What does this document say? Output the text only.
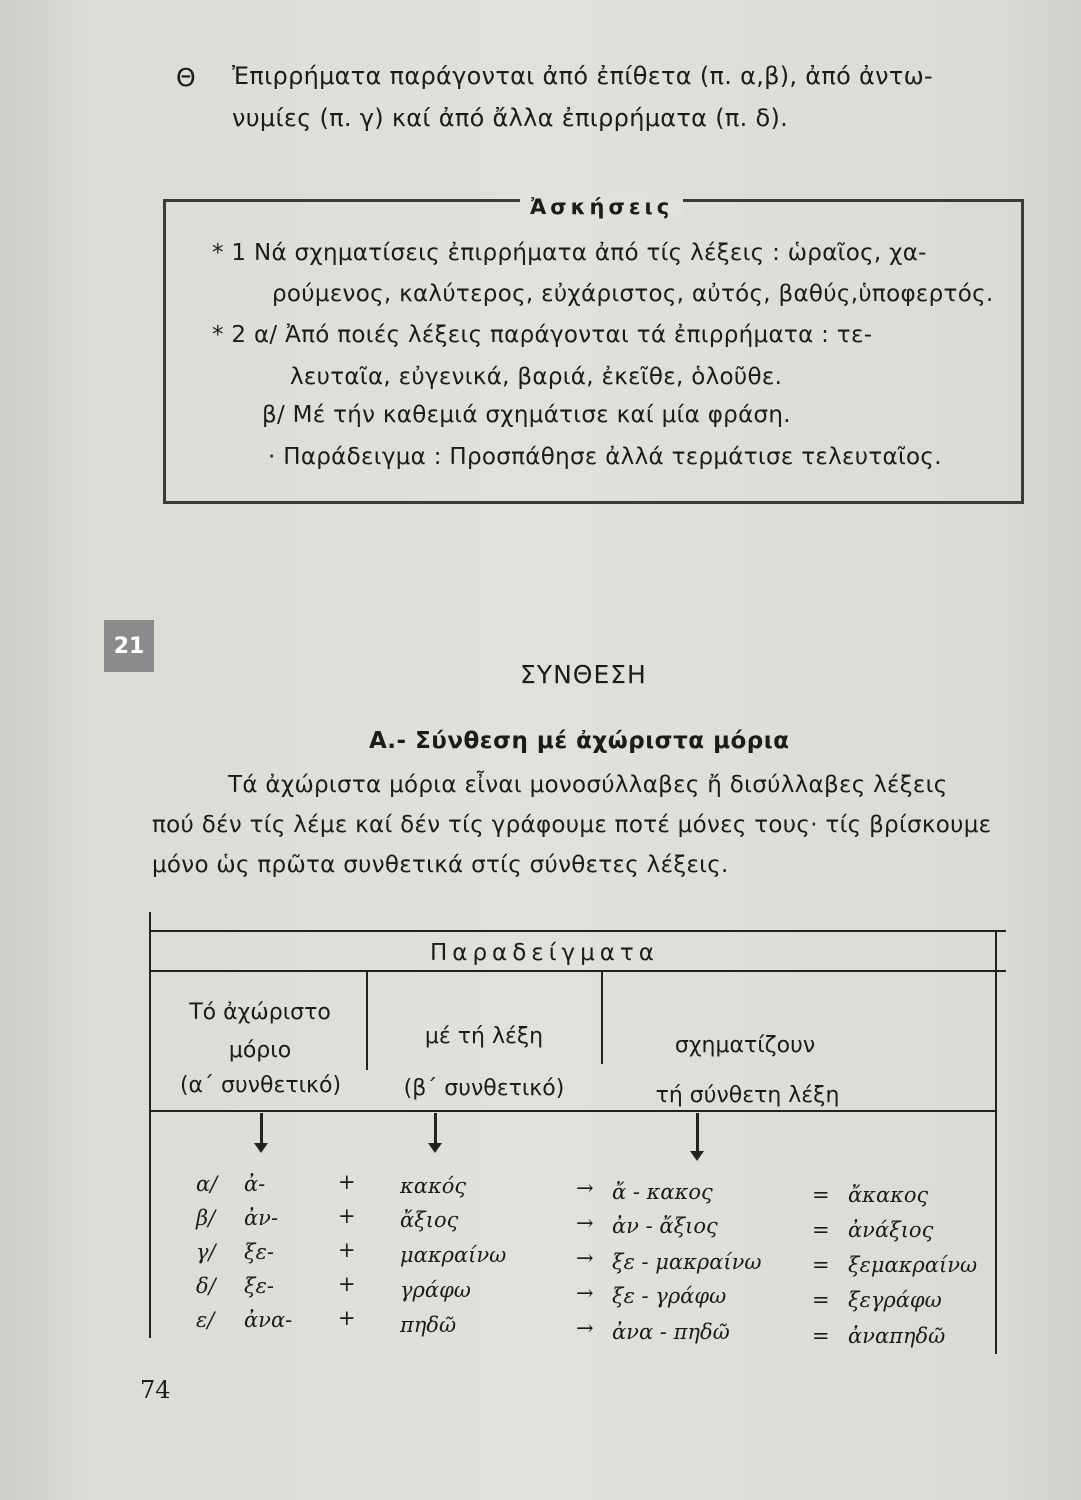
Θ Ἐπιρρήματα παράγονται ἀπό ἐπίθετα (π. α,β), ἀπό ἀντω-
νυμίες (π. γ) καί ἀπό ἄλλα ἐπιρρήματα (π. δ).
Ἀσκήσεις
* 1 Νά σχηματίσεις ἐπιρρήματα ἀπό τίς λέξεις : ὡραῖος, χα-
ρούμενος, καλύτερος, εὐχάριστος, αὐτός, βαθύς,ὑποφερτός.
* 2 α/ Ἀπό ποιές λέξεις παράγονται τά ἐπιρρήματα : τε-
λευταῖα, εὐγενικά, βαριά, ἐκεῖθε, ὁλοῦθε.
β/ Μέ τήν καθεμιά σχημάτισε καί μία φράση.
· Παράδειγμα : Προσπάθησε ἀλλά τερμάτισε τελευταῖος.
21
ΣΥΝΘΕΣΗ
Α.- Σύνθεση μέ ἀχώριστα μόρια
Τά ἀχώριστα μόρια εἶναι μονοσύλλαβες ἤ δισύλλαβες λέξεις
πού δέν τίς λέμε καί δέν τίς γράφουμε ποτέ μόνες τους· τίς βρίσκουμε
μόνο ὡς πρῶτα συνθετικά στίς σύνθετες λέξεις.
Παραδείγματα
Τό ἀχώριστο
μόριο
(α΄ συνθετικό)
μέ τή λέξη
(β΄ συνθετικό)
σχηματίζουν
τή σύνθετη λέξη
α/ ἀ-	+ κακός	→ ἄ - κακος	= ἄκακος
β/ ἀν-	+ ἄξιος	→ ἀν - ἄξιος	= ἀνάξιος
γ/ ξε-	+ μακραίνω	→ ξε - μακραίνω = ξεμακραίνω
δ/ ξε-	+ γράφω	→ ξε - γράφω	= ξεγράφω
ε/ ἀνα- + πηδῶ	→ ἀνα - πηδῶ	= ἀναπηδῶ
74
